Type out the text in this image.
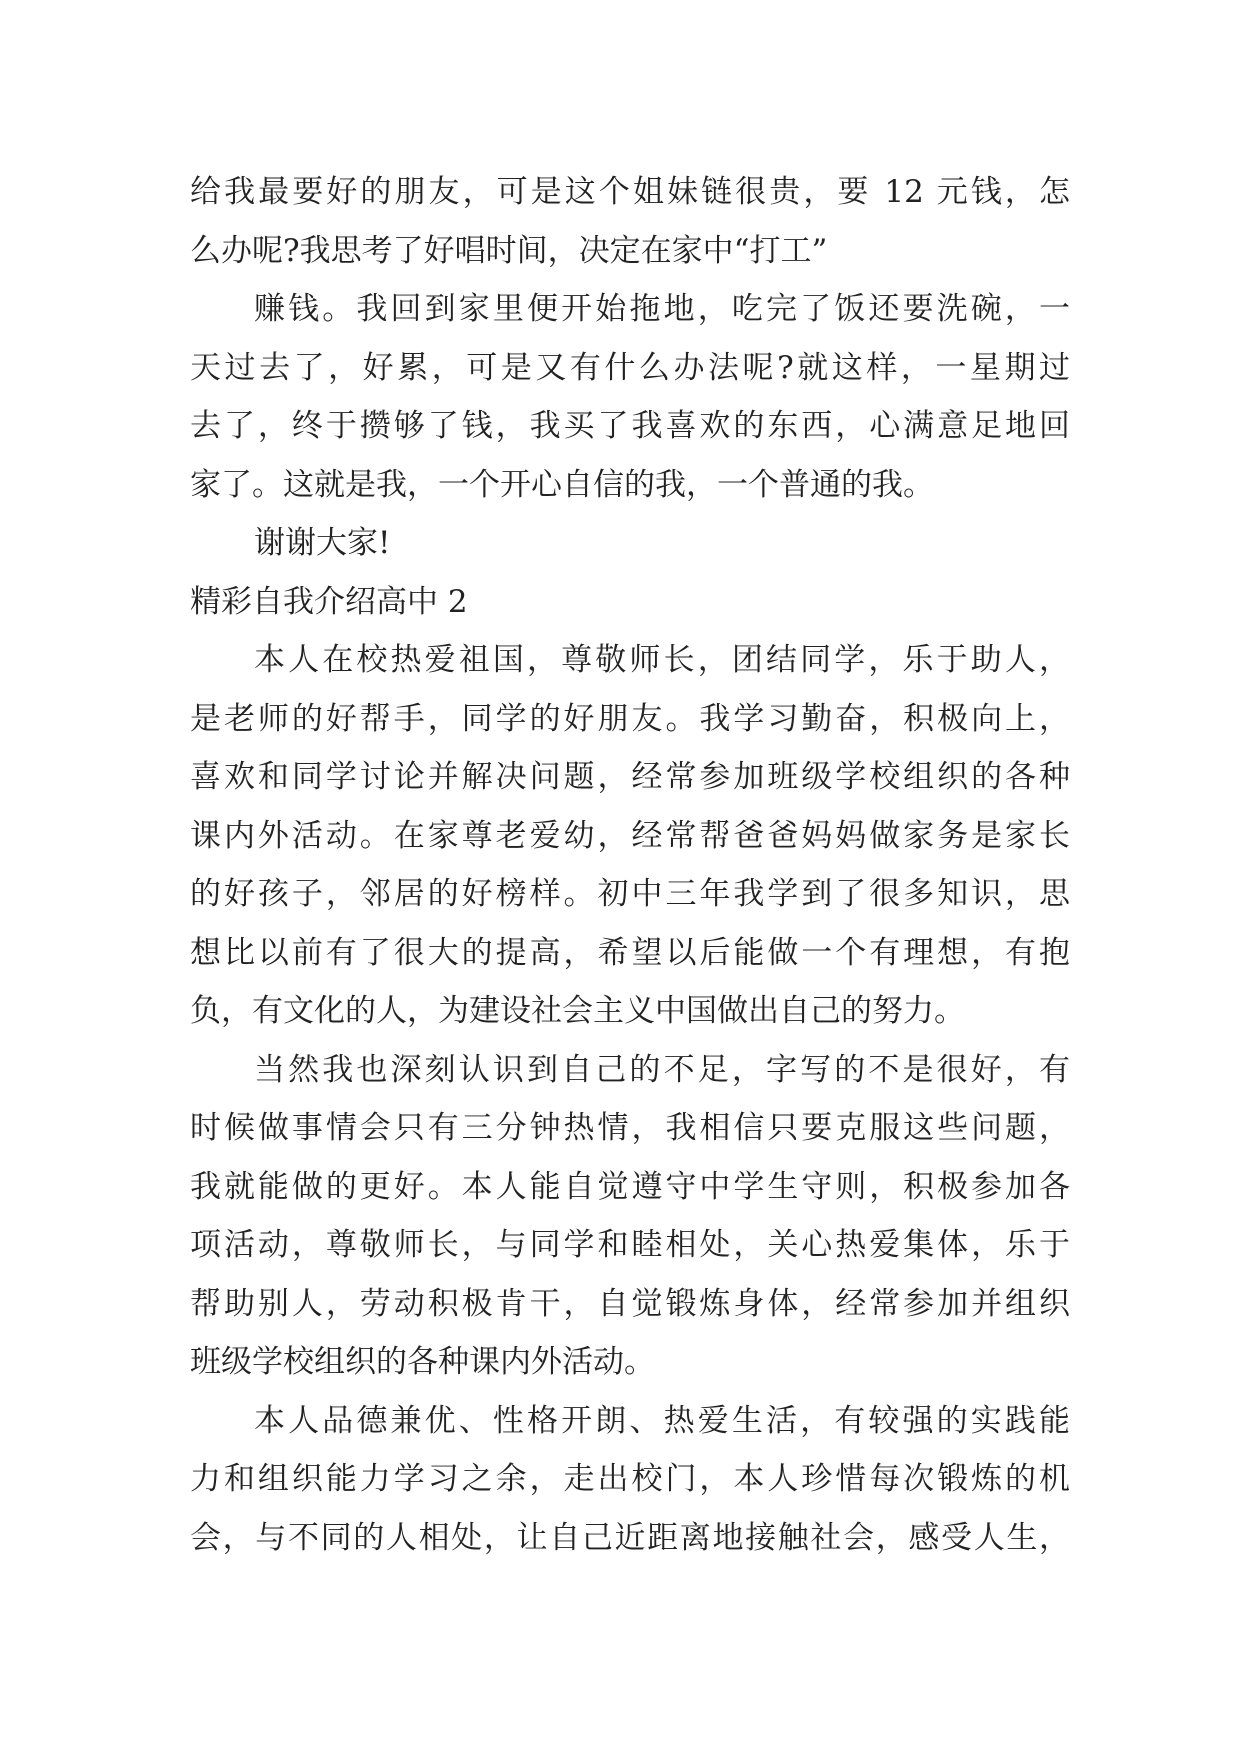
给我最要好的朋友，可是这个姐妹链很贵，要 12 元钱，怎
么办呢?我思考了好唱时间，决定在家中“打工”
赚钱。我回到家里便开始拖地，吃完了饭还要洗碗，一
天过去了，好累，可是又有什么办法呢?就这样，一星期过
去了，终于攒够了钱，我买了我喜欢的东西，心满意足地回
家了。这就是我，一个开心自信的我，一个普通的我。
谢谢大家!
精彩自我介绍高中 2
本人在校热爱祖国，尊敬师长，团结同学，乐于助人，
是老师的好帮手，同学的好朋友。我学习勤奋，积极向上，
喜欢和同学讨论并解决问题，经常参加班级学校组织的各种
课内外活动。在家尊老爱幼，经常帮爸爸妈妈做家务是家长
的好孩子，邻居的好榜样。初中三年我学到了很多知识，思
想比以前有了很大的提高，希望以后能做一个有理想，有抱
负，有文化的人，为建设社会主义中国做出自己的努力。
当然我也深刻认识到自己的不足，字写的不是很好，有
时候做事情会只有三分钟热情，我相信只要克服这些问题，
我就能做的更好。本人能自觉遵守中学生守则，积极参加各
项活动，尊敬师长，与同学和睦相处，关心热爱集体，乐于
帮助别人，劳动积极肯干，自觉锻炼身体，经常参加并组织
班级学校组织的各种课内外活动。
本人品德兼优、性格开朗、热爱生活，有较强的实践能
力和组织能力学习之余，走出校门，本人珍惜每次锻炼的机
会，与不同的人相处，让自己近距离地接触社会，感受人生，
